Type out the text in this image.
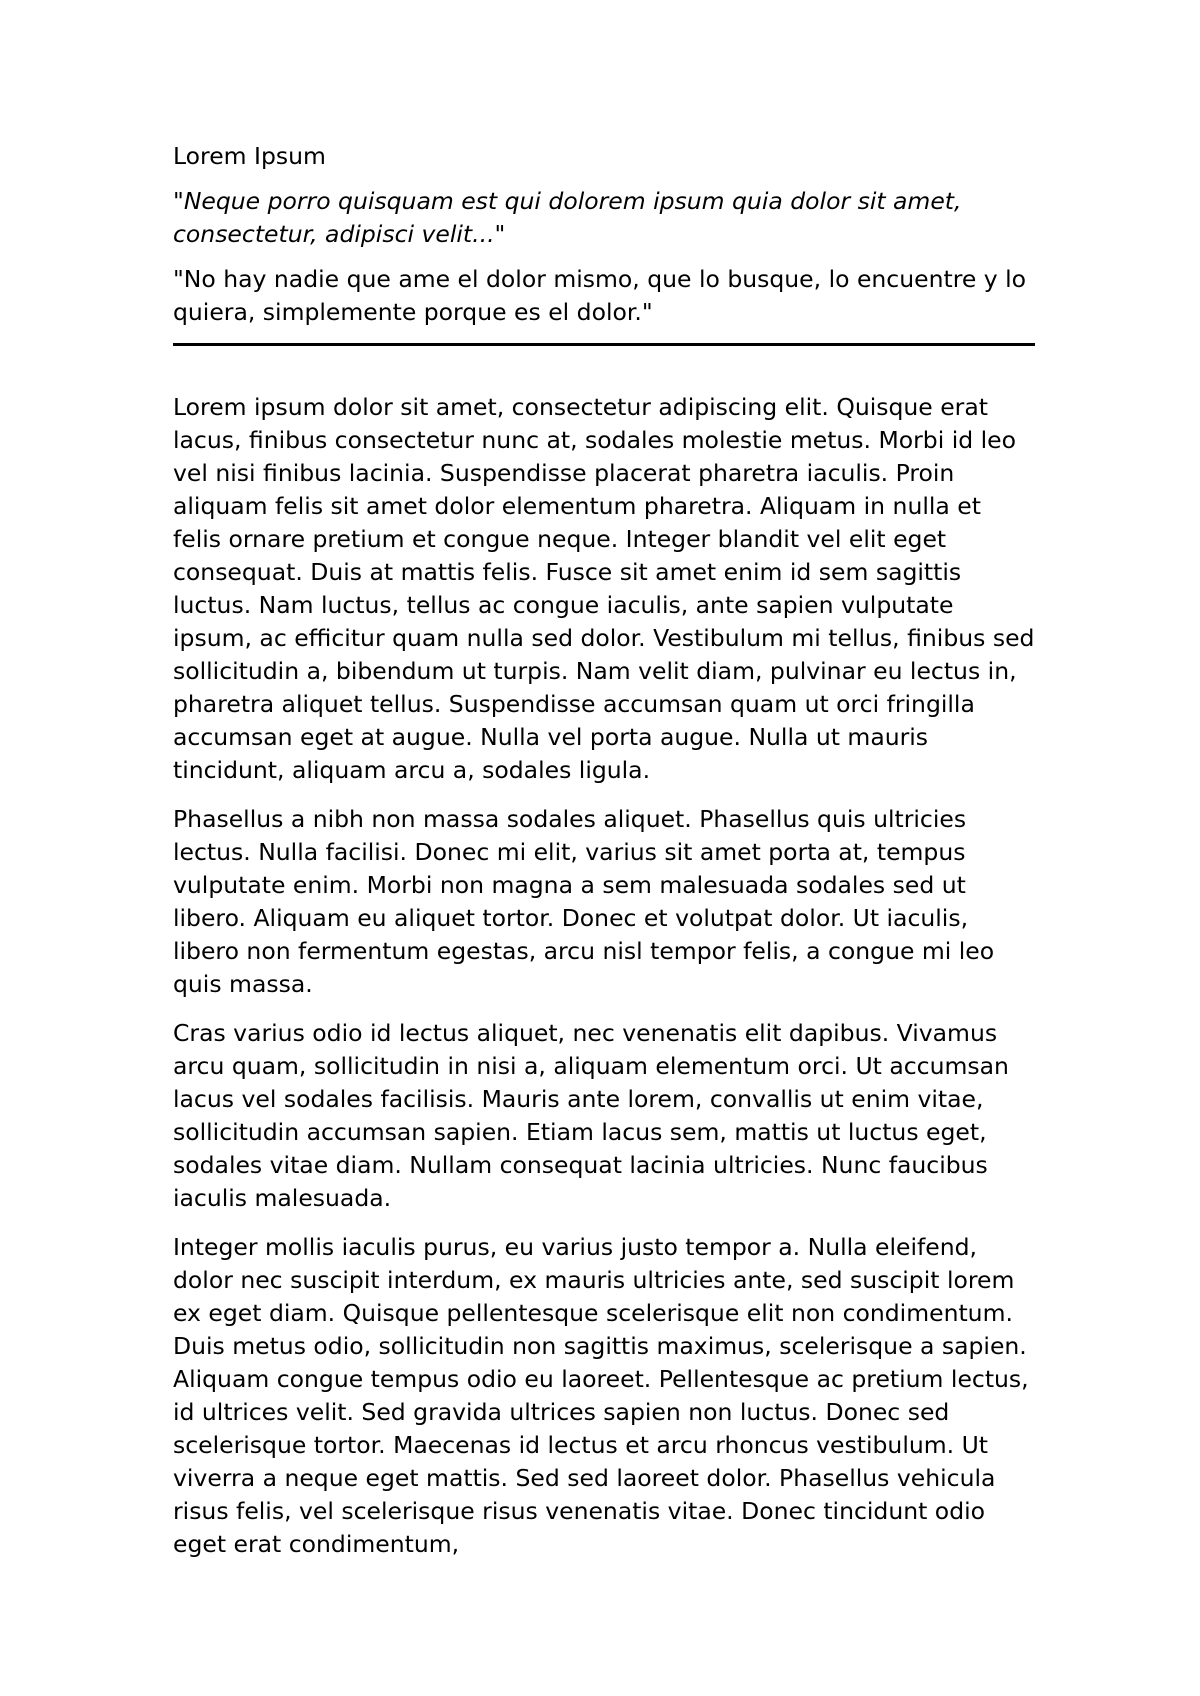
Lorem Ipsum

"Neque porro quisquam est qui dolorem ipsum quia dolor sit amet, consectetur, adipisci velit..."

"No hay nadie que ame el dolor mismo, que lo busque, lo encuentre y lo quiera, simplemente porque es el dolor."

Lorem ipsum dolor sit amet, consectetur adipiscing elit. Quisque erat lacus, finibus consectetur nunc at, sodales molestie metus. Morbi id leo vel nisi finibus lacinia. Suspendisse placerat pharetra iaculis. Proin aliquam felis sit amet dolor elementum pharetra. Aliquam in nulla et felis ornare pretium et congue neque. Integer blandit vel elit eget consequat. Duis at mattis felis. Fusce sit amet enim id sem sagittis luctus. Nam luctus, tellus ac congue iaculis, ante sapien vulputate ipsum, ac efficitur quam nulla sed dolor. Vestibulum mi tellus, finibus sed sollicitudin a, bibendum ut turpis. Nam velit diam, pulvinar eu lectus in, pharetra aliquet tellus. Suspendisse accumsan quam ut orci fringilla accumsan eget at augue. Nulla vel porta augue. Nulla ut mauris tincidunt, aliquam arcu a, sodales ligula.

Phasellus a nibh non massa sodales aliquet. Phasellus quis ultricies lectus. Nulla facilisi. Donec mi elit, varius sit amet porta at, tempus vulputate enim. Morbi non magna a sem malesuada sodales sed ut libero. Aliquam eu aliquet tortor. Donec et volutpat dolor. Ut iaculis, libero non fermentum egestas, arcu nisl tempor felis, a congue mi leo quis massa.

Cras varius odio id lectus aliquet, nec venenatis elit dapibus. Vivamus arcu quam, sollicitudin in nisi a, aliquam elementum orci. Ut accumsan lacus vel sodales facilisis. Mauris ante lorem, convallis ut enim vitae, sollicitudin accumsan sapien. Etiam lacus sem, mattis ut luctus eget, sodales vitae diam. Nullam consequat lacinia ultricies. Nunc faucibus iaculis malesuada.

Integer mollis iaculis purus, eu varius justo tempor a. Nulla eleifend, dolor nec suscipit interdum, ex mauris ultricies ante, sed suscipit lorem ex eget diam. Quisque pellentesque scelerisque elit non condimentum. Duis metus odio, sollicitudin non sagittis maximus, scelerisque a sapien. Aliquam congue tempus odio eu laoreet. Pellentesque ac pretium lectus, id ultrices velit. Sed gravida ultrices sapien non luctus. Donec sed scelerisque tortor. Maecenas id lectus et arcu rhoncus vestibulum. Ut viverra a neque eget mattis. Sed sed laoreet dolor. Phasellus vehicula risus felis, vel scelerisque risus venenatis vitae. Donec tincidunt odio eget erat condimentum,
